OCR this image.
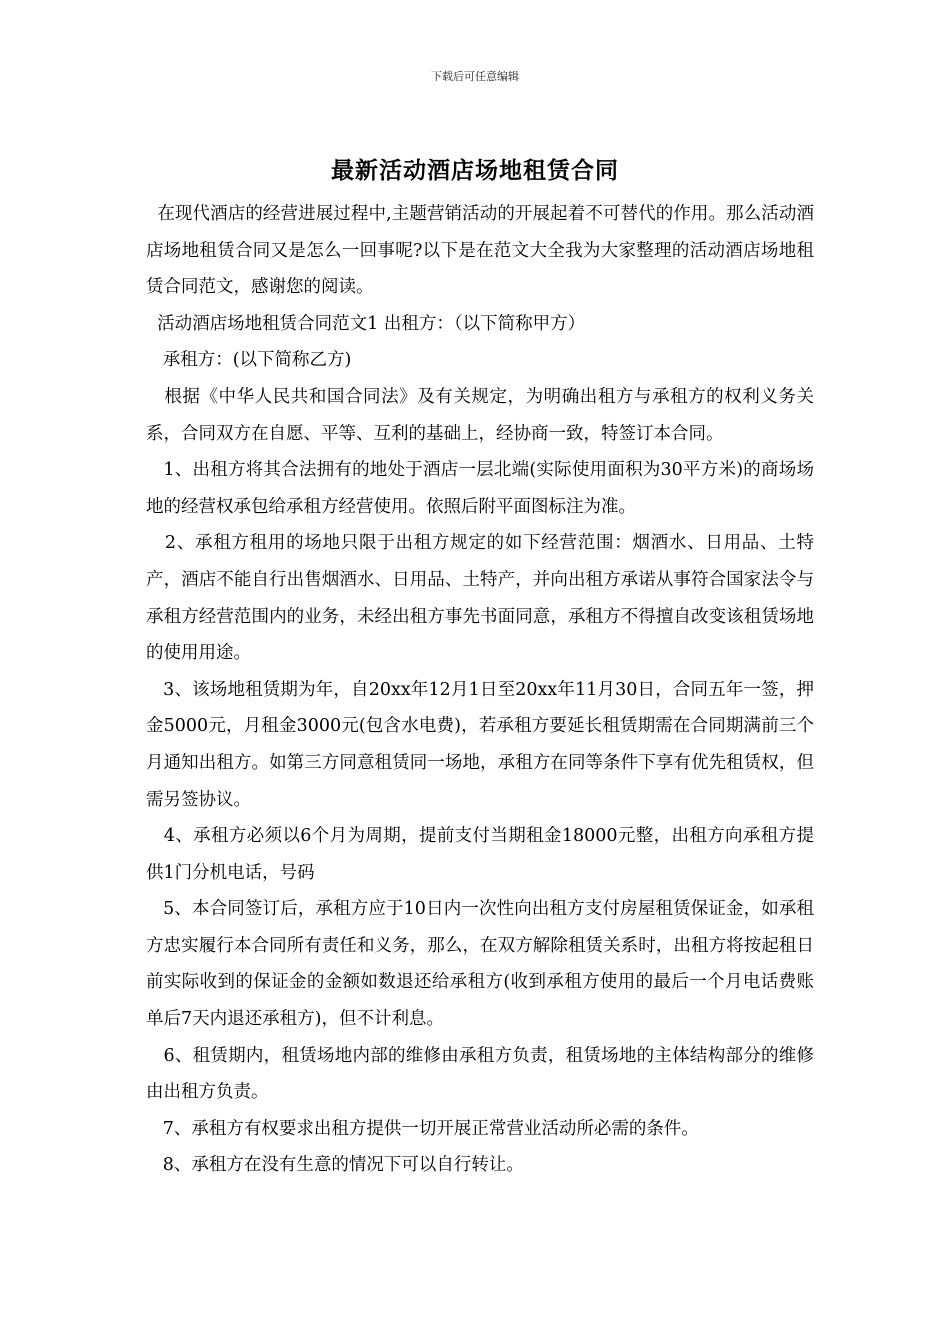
下载后可任意编辑
最新活动酒店场地租赁合同

在现代酒店的经营进展过程中,主题营销活动的开展起着不可替代的作用。那么活动酒店场地租赁合同又是怎么一回事呢?以下是在范文大全我为大家整理的活动酒店场地租赁合同范文，感谢您的阅读。

活动酒店场地租赁合同范文1 出租方：（以下简称甲方）

承租方：(以下简称乙方)

根据《中华人民共和国合同法》及有关规定，为明确出租方与承租方的权利义务关系，合同双方在自愿、平等、互利的基础上，经协商一致，特签订本合同。

1、出租方将其合法拥有的地处于酒店一层北端(实际使用面积为30平方米)的商场场地的经营权承包给承租方经营使用。依照后附平面图标注为准。

2、承租方租用的场地只限于出租方规定的如下经营范围：烟酒水、日用品、土特产，酒店不能自行出售烟酒水、日用品、土特产，并向出租方承诺从事符合国家法令与承租方经营范围内的业务，未经出租方事先书面同意，承租方不得擅自改变该租赁场地的使用用途。

3、该场地租赁期为年，自20xx年12月1日至20xx年11月30日，合同五年一签，押金5000元，月租金3000元(包含水电费)，若承租方要延长租赁期需在合同期满前三个月通知出租方。如第三方同意租赁同一场地，承租方在同等条件下享有优先租赁权，但需另签协议。

4、承租方必须以6个月为周期，提前支付当期租金18000元整，出租方向承租方提供1门分机电话，号码

5、本合同签订后，承租方应于10日内一次性向出租方支付房屋租赁保证金，如承租方忠实履行本合同所有责任和义务，那么，在双方解除租赁关系时，出租方将按起租日前实际收到的保证金的金额如数退还给承租方(收到承租方使用的最后一个月电话费账单后7天内退还承租方)，但不计利息。

6、租赁期内，租赁场地内部的维修由承租方负责，租赁场地的主体结构部分的维修由出租方负责。

7、承租方有权要求出租方提供一切开展正常营业活动所必需的条件。

8、承租方在没有生意的情况下可以自行转让。
